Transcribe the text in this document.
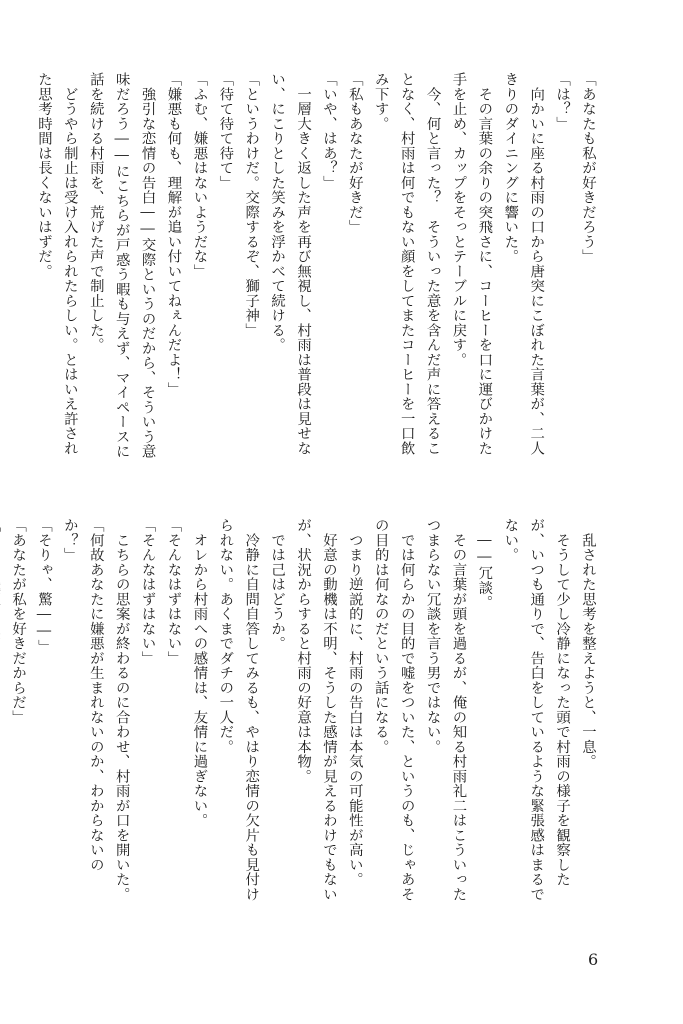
「あなたも私が好きだろう」
「は？」
　向かいに座る村雨の口から唐突にこぼれた言葉が、二人
きりのダイニングに響いた。
　その言葉の余りの突飛さに、コーヒーを口に運びかけた
手を止め、カップをそっとテーブルに戻す。
　今、何と言った？　そういった意を含んだ声に答えるこ
となく、村雨は何でもない顔をしてまたコーヒーを一口飲
み下す。
「私もあなたが好きだ」
「いや、はあ？」
　一層大きく返した声を再び無視し、村雨は普段は見せな
い、にこりとした笑みを浮かべて続ける。
「というわけだ。交際するぞ、獅子神」
「待て待て待て」
「ふむ、嫌悪はないようだな」
「嫌悪も何も、理解が追い付いてねぇんだよ！」
　強引な恋情の告白――交際というのだから、そういう意
味だろう――にこちらが戸惑う暇も与えず、マイペースに
話を続ける村雨を、荒げた声で制止した。
　どうやら制止は受け入れられたらしい。とはいえ許され
た思考時間は長くないはずだ。
　乱された思考を整えようと、一息。
　そうして少し冷静になった頭で村雨の様子を観察した
が、いつも通りで、告白をしているような緊張感はまるで
ない。
　――冗談。
　その言葉が頭を過るが、俺の知る村雨礼二はこういった
つまらない冗談を言う男ではない。
　では何らかの目的で嘘をついた、というのも、じゃあそ
の目的は何なのだという話になる。
　つまり逆説的に、村雨の告白は本気の可能性が高い。
　好意の動機は不明、そうした感情が見えるわけでもない
が、状況からすると村雨の好意は本物。
　では己はどうか。
　冷静に自問自答してみるも、やはり恋情の欠片も見付け
られない。あくまでダチの一人だ。
　オレから村雨への感情は、友情に過ぎない。
「そんなはずはない」
「そんなはずはない」
　こちらの思案が終わるのに合わせ、村雨が口を開いた。
「何故あなたに嫌悪が生まれないのか、わからないの
か？」
「そりゃ、驚――」
「あなたが私を好きだからだ」
6
